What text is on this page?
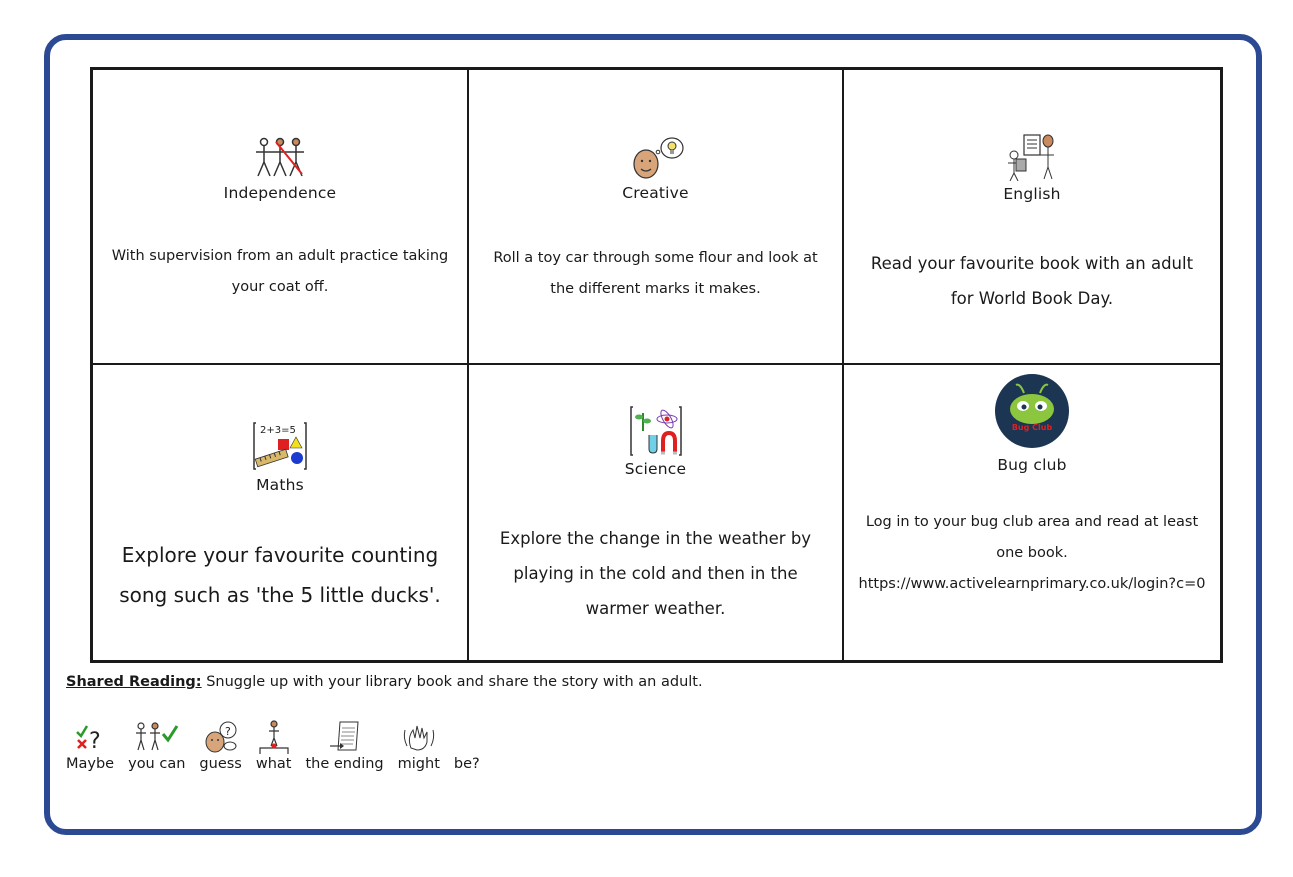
Independence
With supervision from an adult practice taking your coat off.
Creative
Roll a toy car through some flour and look at the different marks it makes.
English
Read your favourite book with an adult for World Book Day.
2+3=5
Maths
Explore your favourite counting song such as 'the 5 little ducks'.
Science
Explore the change in the weather by playing in the cold and then in the warmer weather.
Bug Club
Bug club
Log in to your bug club area and read at least one book.
https://www.activelearnprimary.co.uk/login?c=0
Shared Reading: Snuggle up with your library book and share the story with an adult.
?
Maybe you can
?
guess what the ending might be?
